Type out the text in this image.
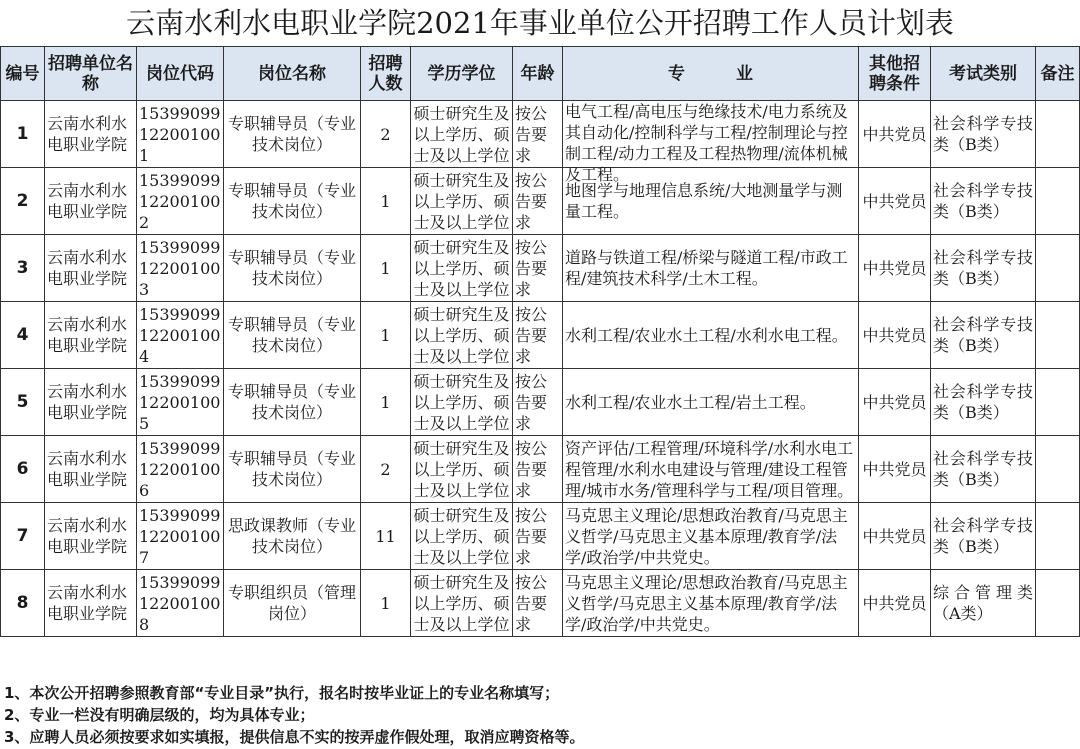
云南水利水电职业学院2021年事业单位公开招聘工作人员计划表
编号	招聘单位名称	岗位代码	岗位名称	招聘人数	学历学位	年龄	专　　　业	其他招聘条件	考试类别	备注

1	云南水利水电职业学院	15399099122001001	专职辅导员（专业技术岗位）	2	硕士研究生及以上学历、硕士及以上学位	按公告要求	电气工程/高电压与绝缘技术/电力系统及其自动化/控制科学与工程/控制理论与控制工程/动力工程及工程热物理/流体机械及工程。	中共党员	社会科学专技类（B类）	

2	云南水利水电职业学院	15399099122001002	专职辅导员（专业技术岗位）	1	硕士研究生及以上学历、硕士及以上学位	按公告要求	地图学与地理信息系统/大地测量学与测量工程。	中共党员	社会科学专技类（B类）	

3	云南水利水电职业学院	15399099122001003	专职辅导员（专业技术岗位）	1	硕士研究生及以上学历、硕士及以上学位	按公告要求	道路与铁道工程/桥梁与隧道工程/市政工程/建筑技术科学/土木工程。	中共党员	社会科学专技类（B类）	

4	云南水利水电职业学院	15399099122001004	专职辅导员（专业技术岗位）	1	硕士研究生及以上学历、硕士及以上学位	按公告要求	水利工程/农业水土工程/水利水电工程。	中共党员	社会科学专技类（B类）	

5	云南水利水电职业学院	15399099122001005	专职辅导员（专业技术岗位）	1	硕士研究生及以上学历、硕士及以上学位	按公告要求	水利工程/农业水土工程/岩土工程。	中共党员	社会科学专技类（B类）	

6	云南水利水电职业学院	15399099122001006	专职辅导员（专业技术岗位）	2	硕士研究生及以上学历、硕士及以上学位	按公告要求	资产评估/工程管理/环境科学/水利水电工程管理/水利水电建设与管理/建设工程管理/城市水务/管理科学与工程/项目管理。	中共党员	社会科学专技类（B类）	

7	云南水利水电职业学院	15399099122001007	思政课教师（专业技术岗位）	11	硕士研究生及以上学历、硕士及以上学位	按公告要求	马克思主义理论/思想政治教育/马克思主义哲学/马克思主义基本原理/教育学/法学/政治学/中共党史。	中共党员	社会科学专技类（B类）	

8	云南水利水电职业学院	15399099122001008	专职组织员（管理岗位）	1	硕士研究生及以上学历、硕士及以上学位	按公告要求	马克思主义理论/思想政治教育/马克思主义哲学/马克思主义基本原理/教育学/法学/政治学/中共党史。	中共党员	综合管理类（A类）	

1、本次公开招聘参照教育部“专业目录”执行，报名时按毕业证上的专业名称填写；
2、专业一栏没有明确层级的，均为具体专业；
3、应聘人员必须按要求如实填报，提供信息不实的按弄虚作假处理，取消应聘资格等。
